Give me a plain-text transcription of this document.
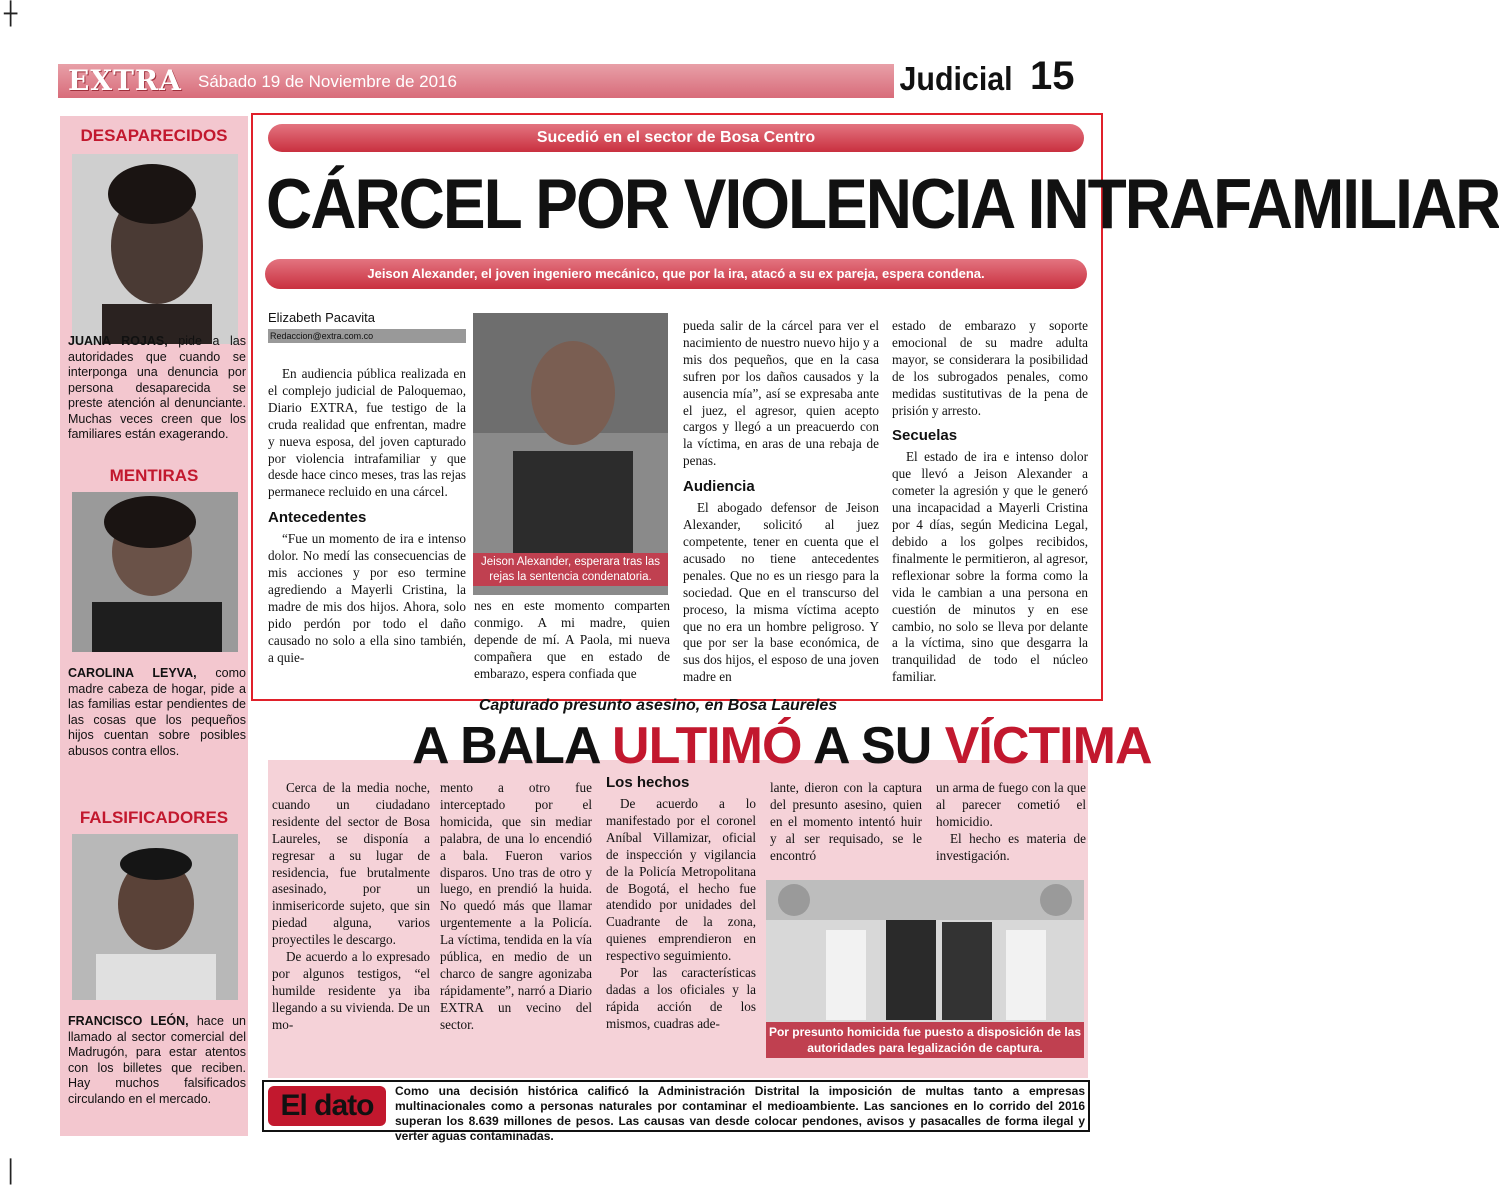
┼
│
EXTRA Sábado 19 de Noviembre de 2016	Judicial 15
DESAPARECIDOS
JUANA ROJAS, pide a las autoridades que cuando se interponga una denuncia por persona desaparecida se preste atención al denunciante. Muchas veces creen que los familiares están exagerando.
MENTIRAS
CAROLINA LEYVA, como madre cabeza de hogar, pide a las familias estar pendientes de las cosas que los pequeños hijos cuentan sobre posibles abusos contra ellos.
FALSIFICADORES
FRANCISCO LEÓN, hace un llamado al sector comercial del Madrugón, para estar atentos con los billetes que reciben. Hay muchos falsificados circulando en el mercado.
Sucedió en el sector de Bosa Centro
CÁRCEL POR VIOLENCIA INTRAFAMILIAR
Jeison Alexander, el joven ingeniero mecánico, que por la ira, atacó a su ex pareja, espera condena.
Elizabeth Pacavita
Redaccion@extra.com.co

En audiencia pública realizada en el complejo judicial de Paloquemao, Diario EXTRA, fue testigo de la cruda realidad que enfrentan, madre y nueva esposa, del joven capturado por violencia intrafamiliar y que desde hace cinco meses, tras las rejas permanece recluido en una cárcel.

Antecedentes

“Fue un momento de ira e intenso dolor. No medí las consecuencias de mis acciones y por eso termine agrediendo a Mayerli Cristina, la madre de mis dos hijos. Ahora, solo pido perdón por todo el daño causado no solo a ella sino también, a quie-

Jeison Alexander, esperara tras las rejas la sentencia condenatoria.

nes en este momento comparten conmigo. A mi madre, quien depende de mí. A Paola, mi nueva compañera que en estado de embarazo, espera confiada que

pueda salir de la cárcel para ver el nacimiento de nuestro nuevo hijo y a mis dos pequeños, que en la casa sufren por los daños causados y la ausencia mía”, así se expresaba ante el juez, el agresor, quien acepto cargos y llegó a un preacuerdo con la víctima, en aras de una rebaja de penas.

Audiencia

El abogado defensor de Jeison Alexander, solicitó al juez competente, tener en cuenta que el acusado no tiene antecedentes penales. Que no es un riesgo para la sociedad. Que en el transcurso del proceso, la misma víctima acepto que no era un hombre peligroso. Y que por ser la base económica, de sus dos hijos, el esposo de una joven madre en

estado de embarazo y soporte emocional de su madre adulta mayor, se considerara la posibilidad de los subrogados penales, como medidas sustitutivas de la pena de prisión y arresto.

Secuelas

El estado de ira e intenso dolor que llevó a Jeison Alexander a cometer la agresión y que le generó una incapacidad a Mayerli Cristina por 4 días, según Medicina Legal, debido a los golpes recibidos, finalmente le permitieron, al agresor, reflexionar sobre la forma como la vida le cambian a una persona en cuestión de minutos y en ese cambio, no solo se lleva por delante a la víctima, sino que desgarra la tranquilidad de todo el núcleo familiar.

Capturado presunto asesino, en Bosa Laureles
A BALA ULTIMÓ A SU VÍCTIMA

Cerca de la media noche, cuando un ciudadano residente del sector de Bosa Laureles, se disponía a regresar a su lugar de residencia, fue brutalmente asesinado, por un inmisericorde sujeto, que sin piedad alguna, varios proyectiles le descargo.

De acuerdo a lo expresado por algunos testigos, “el humilde residente ya iba llegando a su vivienda. De un mo-

mento a otro fue interceptado por el homicida, que sin mediar palabra, de una lo encendió a bala. Fueron varios disparos. Uno tras de otro y luego, en prendió la huida. No quedó más que llamar urgentemente a la Policía. La víctima, tendida en la vía pública, en medio de un charco de sangre agonizaba rápidamente”, narró a Diario EXTRA un vecino del sector.

Los hechos

De acuerdo a lo manifestado por el coronel Aníbal Villamizar, oficial de inspección y vigilancia de la Policía Metropolitana de Bogotá, el hecho fue atendido por unidades del Cuadrante de la zona, quienes emprendieron en respectivo seguimiento.

Por las características dadas a los oficiales y la rápida acción de los mismos, cuadras ade-

lante, dieron con la captura del presunto asesino, quien en el momento intentó huir y al ser requisado, se le encontró

un arma de fuego con la que al parecer cometió el homicidio.

El hecho es materia de investigación.

Por presunto homicida fue puesto a disposición de las autoridades para legalización de captura.
El dato	Como una decisión histórica calificó la Administración Distrital la imposición de multas tanto a empresas multinacionales como a personas naturales por contaminar el medioambiente. Las sanciones en lo corrido del 2016 superan los 8.639 millones de pesos. Las causas van desde colocar pendones, avisos y pasacalles de forma ilegal y verter aguas contaminadas.
